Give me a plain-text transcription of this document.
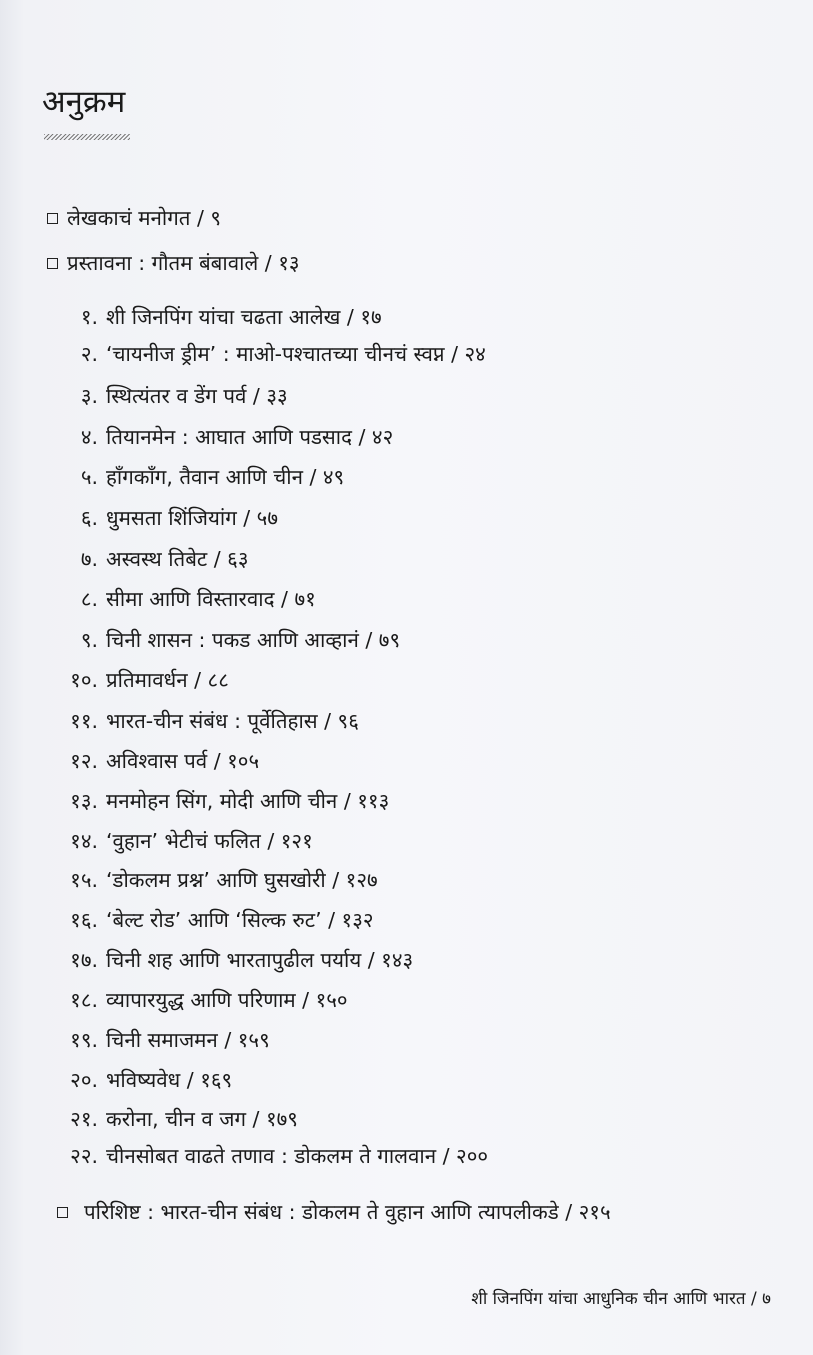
अनुक्रम
लेखकाचं मनोगत / ९
प्रस्तावना : गौतम बंबावाले / १३
१. शी जिनपिंग यांचा चढता आलेख / १७
२. ‘चायनीज ड्रीम’ : माओ-पश्चातच्या चीनचं स्वप्न / २४
३. स्थित्यंतर व डेंग पर्व / ३३
४. तियानमेन : आघात आणि पडसाद / ४२
५. हाँगकाँग, तैवान आणि चीन / ४९
६. धुमसता शिंजियांग / ५७
७. अस्वस्थ तिबेट / ६३
८. सीमा आणि विस्तारवाद / ७१
९. चिनी शासन : पकड आणि आव्हानं / ७९
१०. प्रतिमावर्धन / ८८
११. भारत-चीन संबंध : पूर्वेतिहास / ९६
१२. अविश्वास पर्व / १०५
१३. मनमोहन सिंग, मोदी आणि चीन / ११३
१४. ‘वुहान’ भेटीचं फलित / १२१
१५. ‘डोकलम प्रश्न’ आणि घुसखोरी / १२७
१६. ‘बेल्ट रोड’ आणि ‘सिल्क रुट’ / १३२
१७. चिनी शह आणि भारतापुढील पर्याय / १४३
१८. व्यापारयुद्ध आणि परिणाम / १५०
१९. चिनी समाजमन / १५९
२०. भविष्यवेध / १६९
२१. करोना, चीन व जग / १७९
२२. चीनसोबत वाढते तणाव : डोकलम ते गालवान / २००
परिशिष्ट : भारत-चीन संबंध : डोकलम ते वुहान आणि त्यापलीकडे / २१५
शी जिनपिंग यांचा आधुनिक चीन आणि भारत / ७
